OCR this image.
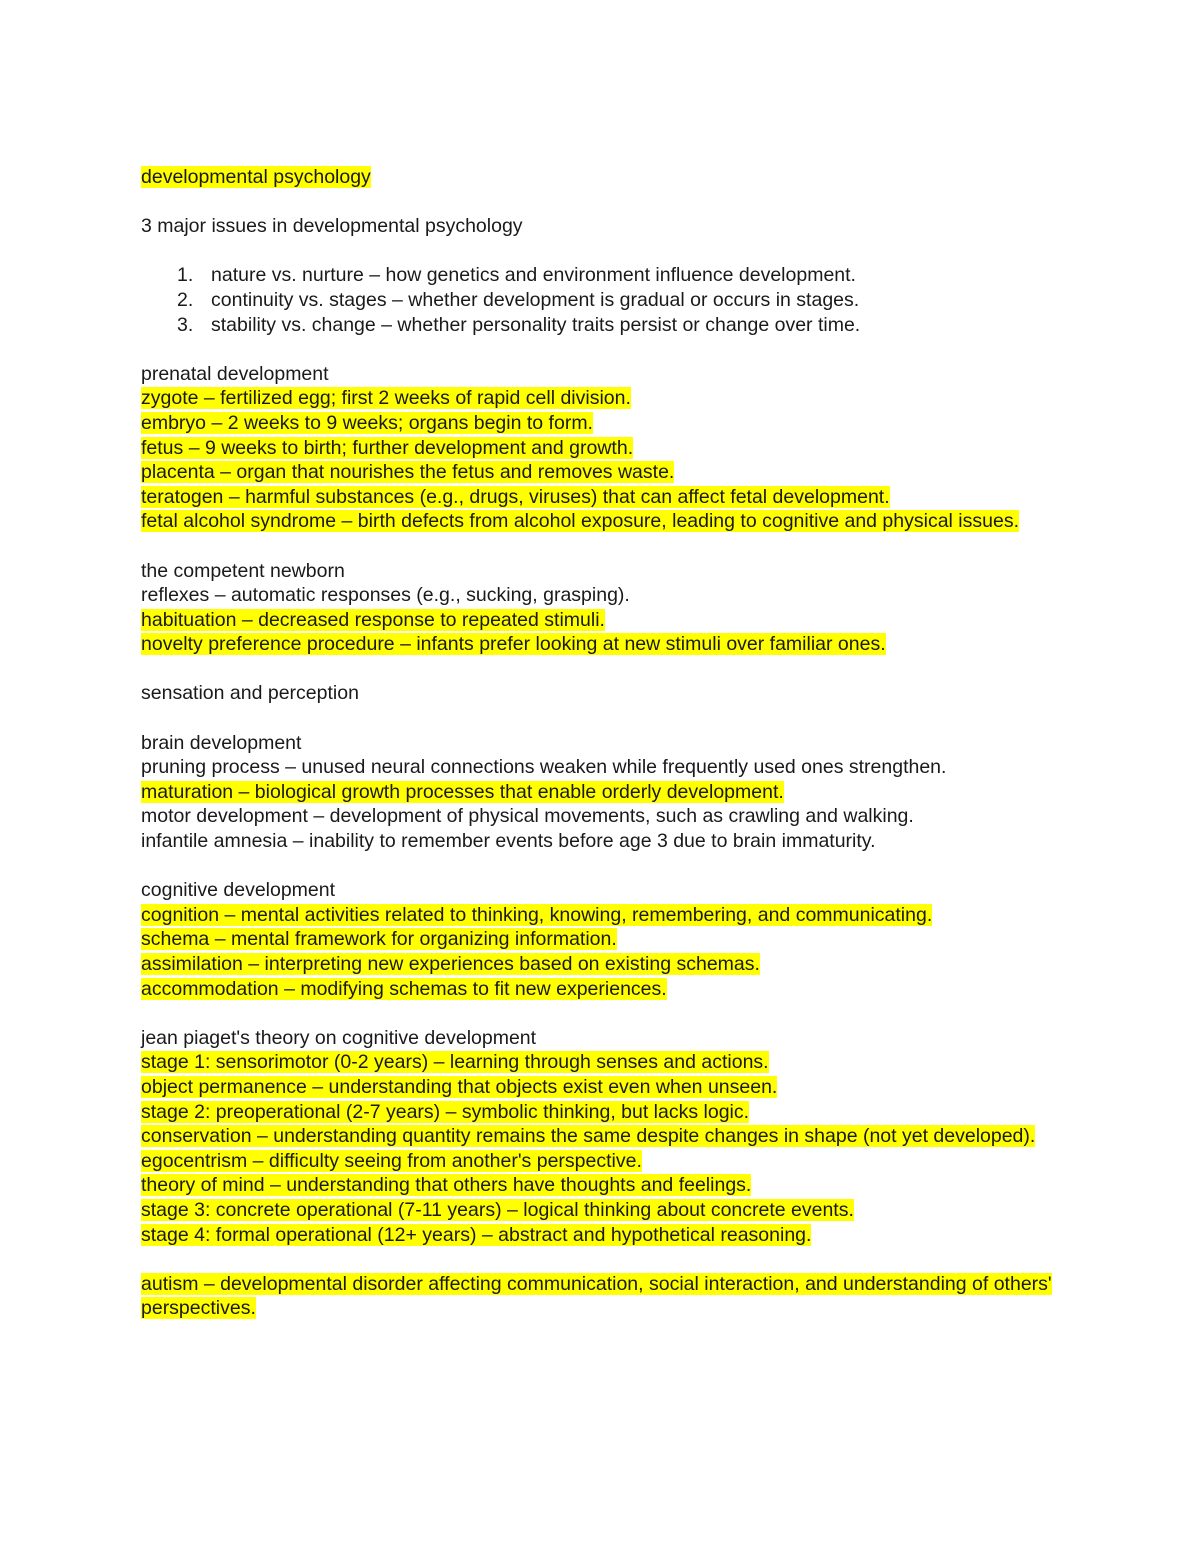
developmental psychology

3 major issues in developmental psychology

1. nature vs. nurture – how genetics and environment influence development.
2. continuity vs. stages – whether development is gradual or occurs in stages.
3. stability vs. change – whether personality traits persist or change over time.

prenatal development

zygote – fertilized egg; first 2 weeks of rapid cell division.

embryo – 2 weeks to 9 weeks; organs begin to form.

fetus – 9 weeks to birth; further development and growth.

placenta – organ that nourishes the fetus and removes waste.

teratogen – harmful substances (e.g., drugs, viruses) that can affect fetal development.

fetal alcohol syndrome – birth defects from alcohol exposure, leading to cognitive and physical issues.

the competent newborn

reflexes – automatic responses (e.g., sucking, grasping).

habituation – decreased response to repeated stimuli.

novelty preference procedure – infants prefer looking at new stimuli over familiar ones.

sensation and perception

brain development

pruning process – unused neural connections weaken while frequently used ones strengthen.

maturation – biological growth processes that enable orderly development.

motor development – development of physical movements, such as crawling and walking.

infantile amnesia – inability to remember events before age 3 due to brain immaturity.

cognitive development

cognition – mental activities related to thinking, knowing, remembering, and communicating.

schema – mental framework for organizing information.

assimilation – interpreting new experiences based on existing schemas.

accommodation – modifying schemas to fit new experiences.

jean piaget's theory on cognitive development

stage 1: sensorimotor (0-2 years) – learning through senses and actions.

object permanence – understanding that objects exist even when unseen.

stage 2: preoperational (2-7 years) – symbolic thinking, but lacks logic.

conservation – understanding quantity remains the same despite changes in shape (not yet developed).

egocentrism – difficulty seeing from another's perspective.

theory of mind – understanding that others have thoughts and feelings.

stage 3: concrete operational (7-11 years) – logical thinking about concrete events.

stage 4: formal operational (12+ years) – abstract and hypothetical reasoning.

autism – developmental disorder affecting communication, social interaction, and understanding of others' perspectives.
